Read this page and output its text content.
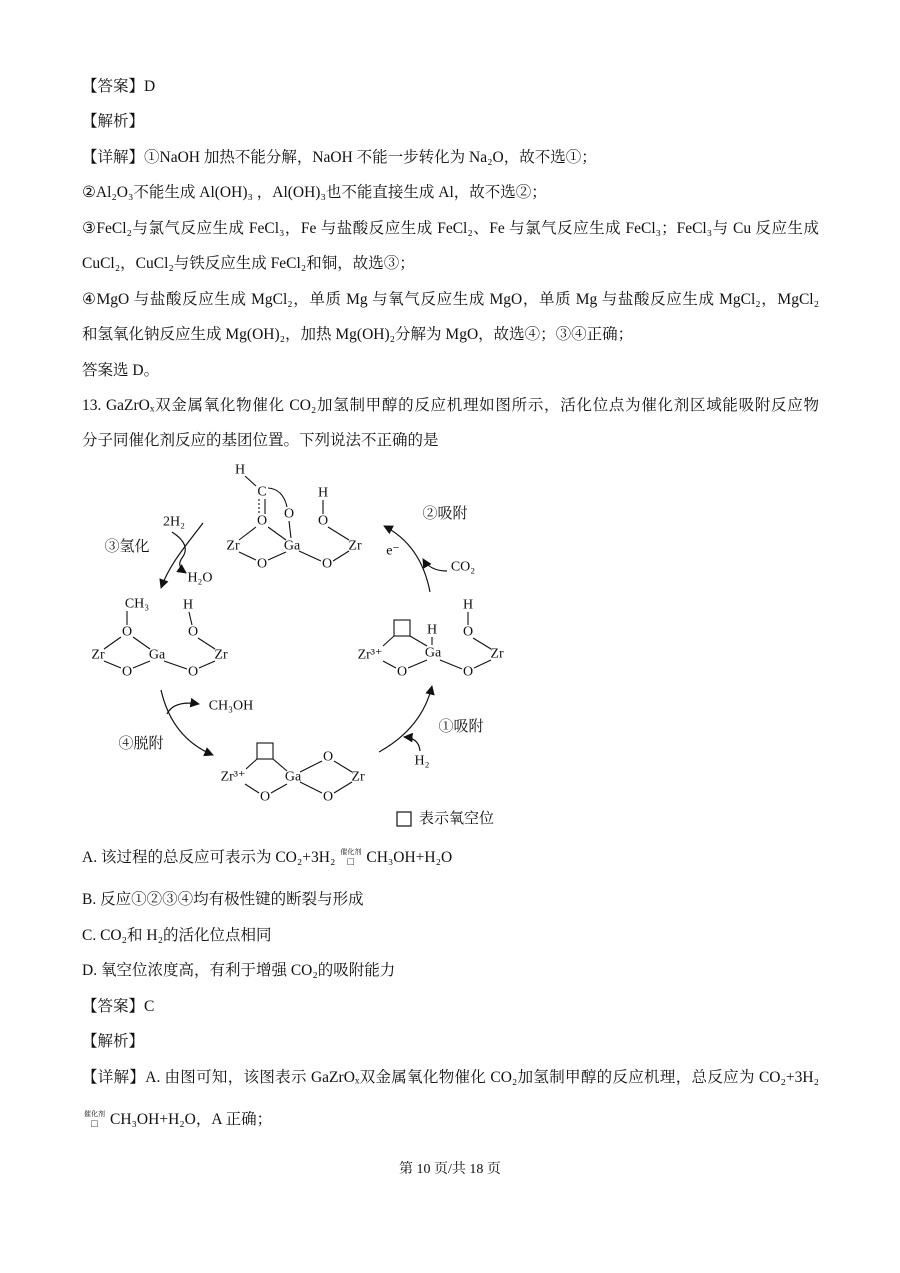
【答案】D
【解析】
【详解】①NaOH 加热不能分解，NaOH 不能一步转化为 Na₂O，故不选①；
②Al₂O₃不能生成 Al(OH)₃ ，Al(OH)₃也不能直接生成 Al，故不选②；
③FeCl₂与氯气反应生成 FeCl₃，Fe 与盐酸反应生成 FeCl₂、Fe 与氯气反应生成 FeCl₃；FeCl₃与 Cu 反应生成
CuCl₂，CuCl₂与铁反应生成 FeCl₂和铜，故选③；
④MgO 与盐酸反应生成 MgCl₂，单质 Mg 与氧气反应生成 MgO，单质 Mg 与盐酸反应生成 MgCl₂，MgCl₂
和氢氧化钠反应生成 Mg(OH)₂，加热 Mg(OH)₂分解为 MgO，故选④；③④正确；
答案选 D。
13. GaZrOₓ双金属氧化物催化 CO₂加氢制甲醇的反应机理如图所示，活化位点为催化剂区域能吸附反应物
分子同催化剂反应的基团位置。下列说法不正确的是
H
C
O O
H
O
Zr	Ga	Zr
O	O
CH₃
O
Zr	Ga
O
H
O
Zr
O
Zr³⁺	Ga
O
O
O
Zr
H
Zr³⁺	Ga
O
H
O
Zr
O
①吸附
H₂
②吸附
CO₂
e⁻
③氢化
2H₂
H₂O
④脱附
CH₃OH
表示氧空位
A. 该过程的总反应可表示为 CO₂+3H₂ 催化剂
□ CH₃OH+H₂O
B. 反应①②③④均有极性键的断裂与形成
C. CO₂和 H₂的活化位点相同
D. 氧空位浓度高，有利于增强 CO₂的吸附能力
【答案】C
【解析】
【详解】A. 由图可知，该图表示 GaZrOₓ双金属氧化物催化 CO₂加氢制甲醇的反应机理，总反应为 CO₂+3H₂
催化剂
□ CH₃OH+H₂O，A 正确；
第 10 页/共 18 页
